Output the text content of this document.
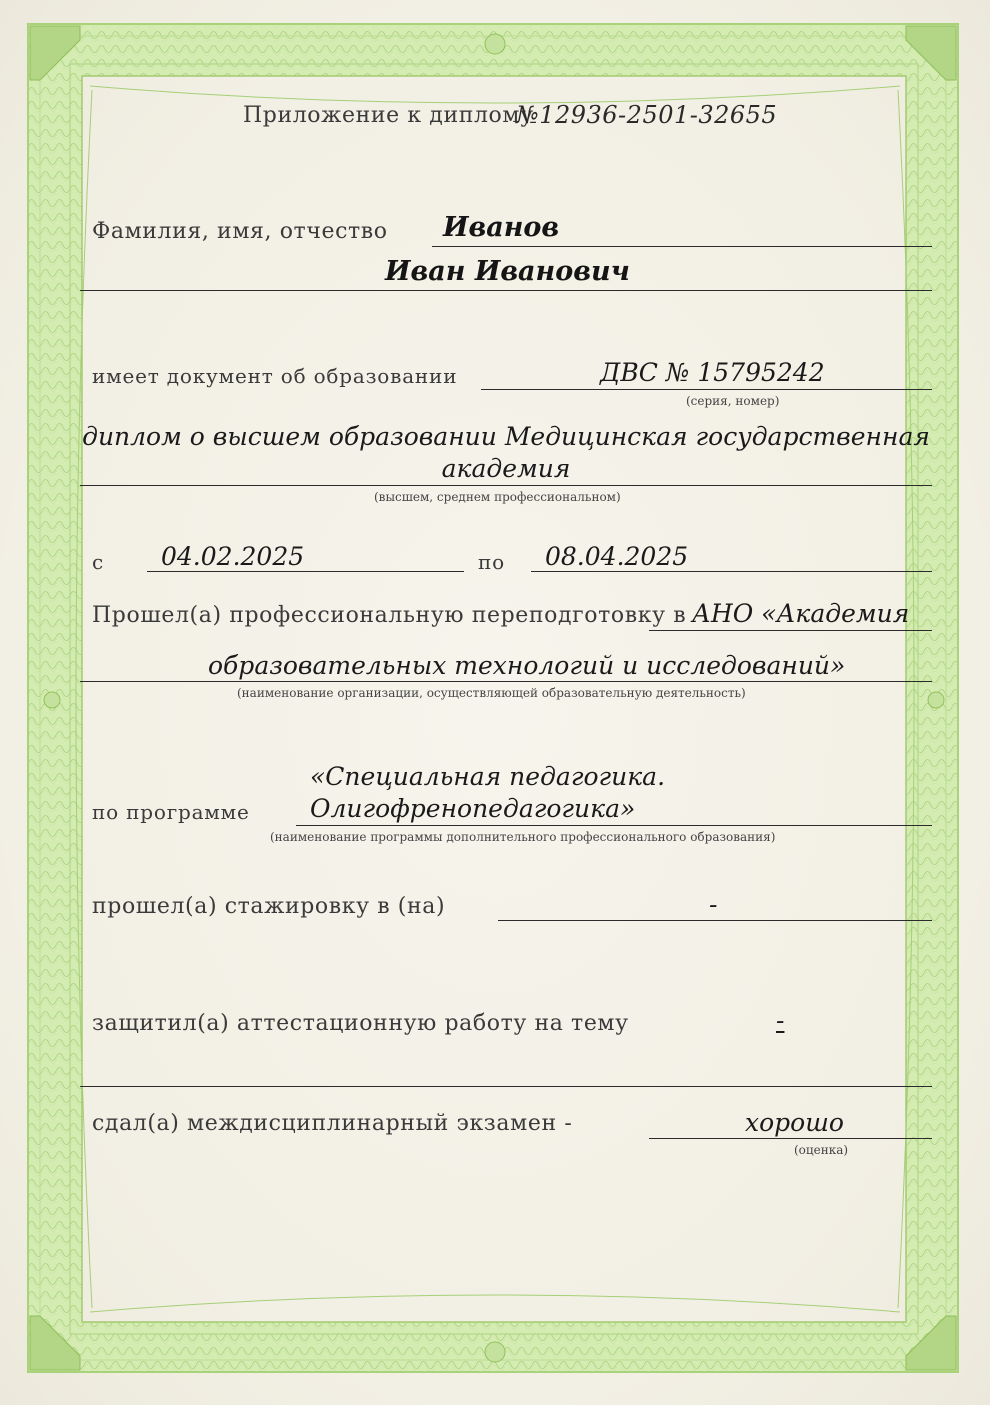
Приложение к диплому
№12936-2501-32655
Фамилия, имя, отчество Иванов
Иван Иванович
имеет документ об образовании	ДВС № 15795242
(серия, номер)
диплом о высшем образовании Медицинская государственная
академия
(высшем, среднем профессиональном)
с 04.02.2025	по 08.04.2025
Прошел(а) профессиональную переподготовку в АНО «Академия
образовательных технологий и исследований»
(наименование организации, осуществляющей образовательную деятельность)
по программе
«Специальная педагогика.
Олигофренопедагогика»
(наименование программы дополнительного профессионального образования)
прошел(а) стажировку в (на)	-
защитил(а) аттестационную работу на тему	-
сдал(а) междисциплинарный экзамен -	хорошо
(оценка)
